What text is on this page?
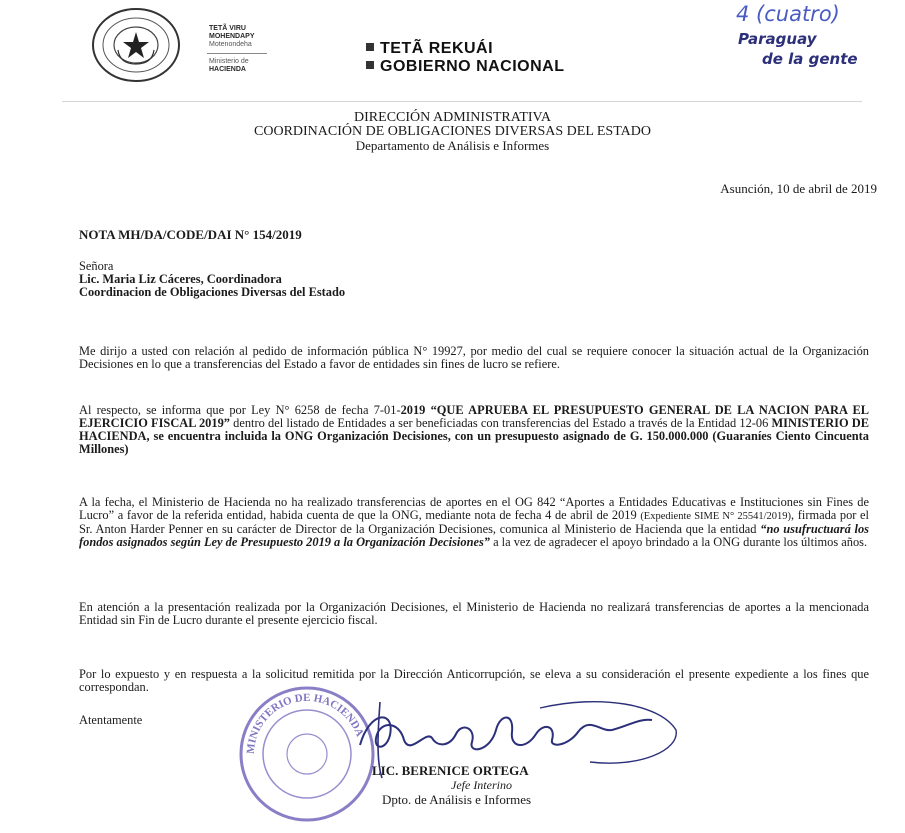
TETÃ VIRU
MOHENDAPY
Motenondeha
Ministerio de
HACIENDA
TETÃ REKUÁI
GOBIERNO NACIONAL
4 (cuatro)
Paraguay
de la gente
DIRECCIÓN ADMINISTRATIVA
COORDINACIÓN DE OBLIGACIONES DIVERSAS DEL ESTADO
Departamento de Análisis e Informes
Asunción, 10 de abril de 2019
NOTA MH/DA/CODE/DAI N° 154/2019
Señora
Lic. Maria Liz Cáceres, Coordinadora
Coordinacion de Obligaciones Diversas del Estado
Me dirijo a usted con relación al pedido de información pública N° 19927, por medio del cual se requiere conocer la situación actual de la Organización Decisiones en lo que a transferencias del Estado a favor de entidades sin fines de lucro se refiere.
Al respecto, se informa que por Ley N° 6258 de fecha 7-01-2019 “QUE APRUEBA EL PRESUPUESTO GENERAL DE LA NACION PARA EL EJERCICIO FISCAL 2019” dentro del listado de Entidades a ser beneficiadas con transferencias del Estado a través de la Entidad 12-06 MINISTERIO DE HACIENDA, se encuentra incluida la ONG Organización Decisiones, con un presupuesto asignado de G. 150.000.000 (Guaraníes Ciento Cincuenta Millones)
A la fecha, el Ministerio de Hacienda no ha realizado transferencias de aportes en el OG 842 “Aportes a Entidades Educativas e Instituciones sin Fines de Lucro” a favor de la referida entidad, habida cuenta de que la ONG, mediante nota de fecha 4 de abril de 2019 (Expediente SIME N° 25541/2019), firmada por el Sr. Anton Harder Penner en su carácter de Director de la Organización Decisiones, comunica al Ministerio de Hacienda que la entidad “no usufructuará los fondos asignados según Ley de Presupuesto 2019 a la Organización Decisiones” a la vez de agradecer el apoyo brindado a la ONG durante los últimos años.
En atención a la presentación realizada por la Organización Decisiones, el Ministerio de Hacienda no realizará transferencias de aportes a la mencionada Entidad sin Fin de Lucro durante el presente ejercicio fiscal.
Por lo expuesto y en respuesta a la solicitud remitida por la Dirección Anticorrupción, se eleva a su consideración el presente expediente a los fines que correspondan.
Atentamente
MINISTERIO DE HACIENDA
LIC. BERENICE ORTEGA
Jefe Interino
Dpto. de Análisis e Informes
